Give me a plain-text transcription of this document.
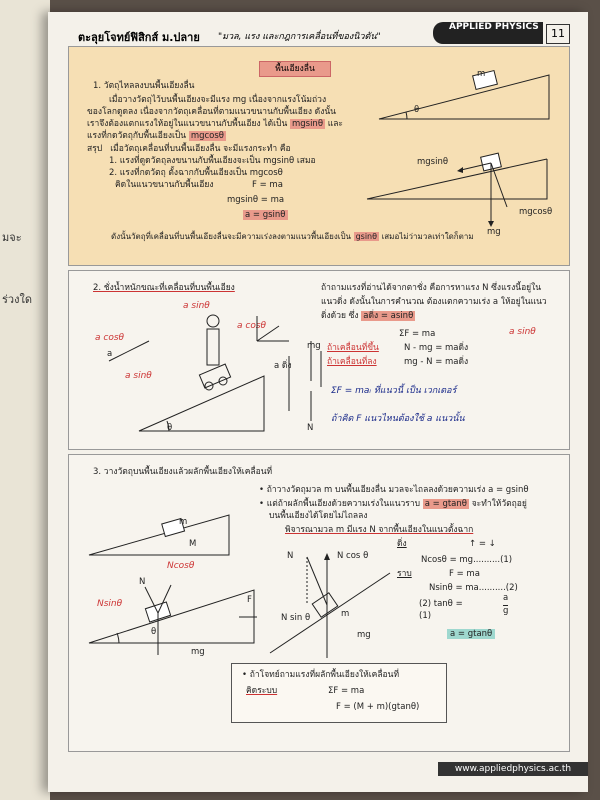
มจะ
ร่วงใด
ตะลุยโจทย์ฟิสิกส์ ม.ปลาย "มวล, แรง และกฎการเคลื่อนที่ของนิวตัน"
APPLIED PHYSICS	11
พื้นเอียงลื่น
1. วัตถุไหลลงบนพื้นเอียงลื่น
เมื่อวางวัตถุไว้บนพื้นเอียงจะมีแรง mg เนื่องจากแรงโน้มถ่วง
ของโลกดูดลง เนื่องจากวัตถุเคลื่อนที่ตามแนวขนานกับพื้นเอียง ดังนั้น
เราจึงต้องแตกแรงให้อยู่ในแนวขนานกับพื้นเอียง ได้เป็น mgsinθ และ
แรงที่กดวัตถุกับพื้นเอียงเป็น mgcosθ
สรุป เมื่อวัตถุเคลื่อนที่บนพื้นเอียงลื่น จะมีแรงกระทำ คือ
1. แรงที่ดูดวัตถุลงขนานกับพื้นเอียงจะเป็น mgsinθ เสมอ
2. แรงที่กดวัตถุ ตั้งฉากกับพื้นเอียงเป็น mgcosθ
คิดในแนวขนานกับพื้นเอียง	F = ma
mgsinθ = ma
a = gsinθ
ดังนั้นวัตถุที่เคลื่อนที่บนพื้นเอียงลื่นจะมีความเร่งลงตามแนวพื้นเอียงเป็น gsinθ เสมอไม่ว่ามวลเท่าใดก็ตาม
m
θ
mgsinθ
mgcosθ
mg
2. ชั่งน้ำหนักขณะที่เคลื่อนที่บนพื้นเอียง	ถ้าถามแรงที่อ่านได้จากตาชั่ง คือการหาแรง N ซึ่งแรงนี้อยู่ใน
แนวดิ่ง ดังนั้นในการคำนวณ ต้องแตกความเร่ง a ให้อยู่ในแนว
ดิ่งด้วย ซึ่ง aดิ่ง = asinθ
ΣF = ma
ถ้าเคลื่อนที่ขึ้น	N - mg = maดิ่ง
ถ้าเคลื่อนที่ลง	mg - N = maดิ่ง
a sinθ
ΣF = maᵢ ที่แนวนี้ เป็น เวกเตอร์
ถ้าคิด F แนวไหนต้องใช้ a แนวนั้น
a cosθ
a sinθ
a sinθ
a cosθ
θ
a
a ดิ่ง
mg
N
3. วางวัตถุบนพื้นเอียงแล้วผลักพื้นเอียงให้เคลื่อนที่
• ถ้าวางวัตถุมวล m บนพื้นเอียงลื่น มวลจะไถลลงด้วยความเร่ง a = gsinθ
• แต่ถ้าผลักพื้นเอียงด้วยความเร่งในแนวราบ a = gtanθ จะทำให้วัตถุอยู่
บนพื้นเอียงได้โดยไม่ไถลลง
พิจารณามวล m มีแรง N จากพื้นเอียงในแนวตั้งฉาก
ดิ่ง	↑ = ↓
Ncosθ = mg..........(1)
ราบ	F = ma
Nsinθ = ma..........(2)
(2) tanθ =
a
g
(1)
a = gtanθ
m
M
N
Ncosθ
Nsinθ	F
θ
mg
N	N cos θ
N sin θ	m
mg
• ถ้าโจทย์ถามแรงที่ผลักพื้นเอียงให้เคลื่อนที่
คิดระบบ	ΣF = ma
F = (M + m)(gtanθ)
www.appliedphysics.ac.th
